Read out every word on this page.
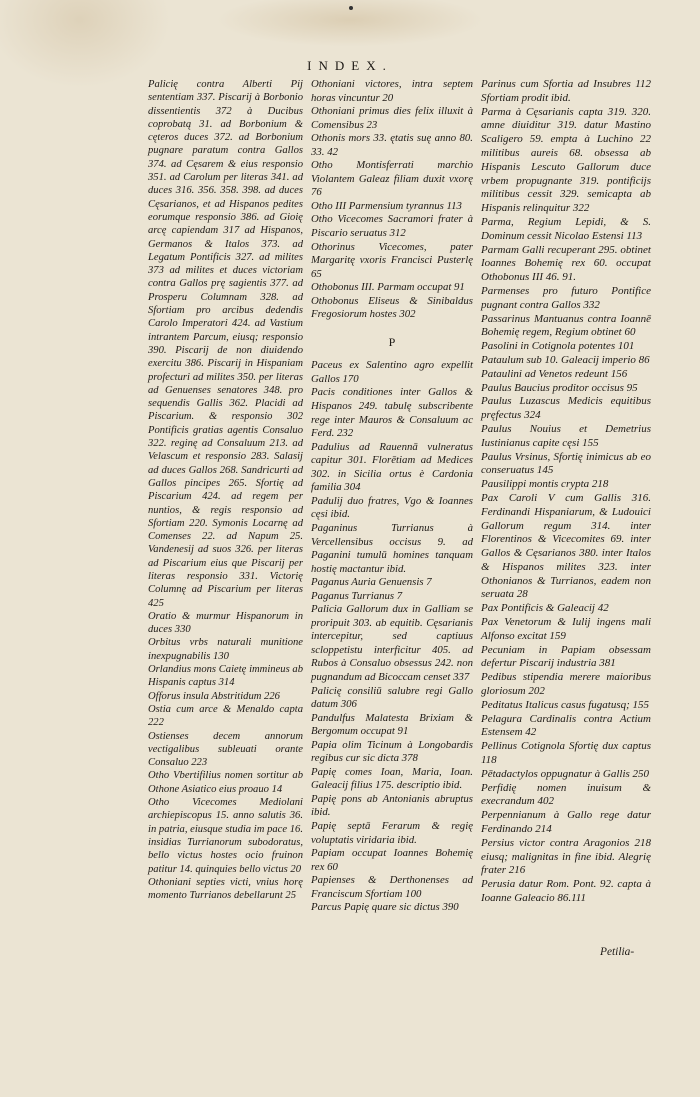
INDEX.

Palicię contra Alberti Pij sententiam 337. Piscarij à Borbonio dissentientis 372 à Ducibus coprobatą 31. ad Borbonium & cęteros duces 372. ad Borbonium pugnare paratum contra Gallos 374. ad Cęsarem & eius responsio 351. ad Carolum per literas 341. ad duces 316. 356. 358. 398. ad duces Cęsarianos, et ad Hispanos pedites eorumque responsio 386. ad Gioię arcę capiendam 317 ad Hispanos, Germanos & Italos 373. ad Legatum Pontificis 327. ad milites 373 ad milites et duces victoriam contra Gallos prę sagientis 377. ad Prosperu Columnam 328. ad Sfortiam pro arcibus dedendis Carolo Imperatori 424. ad Vastium intrantem Parcum, eiusq; responsio 390. Piscarij de non diuidendo exercitu 386. Piscarij in Hispaniam profecturi ad milites 350. per literas ad Genuenses senatores 348. pro sequendis Gallis 362. Placidi ad Piscarium. & responsio 302 Pontificis gratias agentis Consaluo 322. reginę ad Consaluum 213. ad Velascum et responsio 283. Salasij ad duces Gallos 268. Sandricurti ad Gallos pincipes 265. Sfortię ad Piscarium 424. ad regem per nuntios, & regis responsio ad Sfortiam 220. Symonis Locarnę ad Comenses 22. ad Napum 25. Vandenesij ad suos 326. per literas ad Piscarium eius que Piscarij per literas responsio 331. Victorię Columnę ad Piscarium per literas 425

Oratio & murmur Hispanorum in duces 330

Orbitus vrbs naturali munitione inexpugnabilis 130

Orlandius mons Caietę immineus ab Hispanis captus 314

Offorus insula Abstritidum 226

Ostia cum arce & Menaldo capta 222

Ostienses decem annorum vectigalibus subleuati orante Consaluo 223

Otho Vbertifilius nomen sortitur ab Othone Asiatico eius proauo 14

Otho Vicecomes Mediolani archiepiscopus 15. anno salutis 36. in patria, eiusque studia im pace 16. insidias Turrianorum subodoratus, bello victus hostes ocio fruinon patitur 14. quinquies bello victus 20

Othoniani septies victi, vnius horę momento Turrianos debellarunt 25

Othoniani victores, intra septem horas vincuntur 20

Othoniani primus dies felix illuxit à Comensibus 23

Othonis mors 33. ętatis suę anno 80. 33. 42

Otho Montisferrati marchio Violantem Galeaz filiam duxit vxorę 76

Otho III Parmensium tyrannus 113

Otho Vicecomes Sacramori frater à Piscario seruatus 312

Othorinus Vicecomes, pater Margaritę vxoris Francisci Pusterlę 65

Othobonus III. Parmam occupat 91

Othobonus Eliseus & Sinibaldus Fregosiorum hostes 302

P

Paceus ex Salentino agro expellit Gallos 170

Pacis conditiones inter Gallos & Hispanos 249. tabulę subscribente rege inter Mauros & Consaluum ac Ferd. 232

Padulius ad Rauennā vulneratus capitur 301. Florētiam ad Medices 302. in Sicilia ortus è Cardonia familia 304

Padulij duo fratres, Vgo & Ioannes cęsi ibid.

Paganinus Turrianus à Vercellensibus occisus 9. ad Paganini tumulū homines tanquam hostię mactantur ibid.

Paganus Auria Genuensis 7

Paganus Turrianus 7

Palicia Gallorum dux in Galliam se proripuit 303. ab equitib. Cęsarianis intercepitur, sed captiuus scloppetistu interficitur 405. ad Rubos à Consaluo obsessus 242. non pugnandum ad Bicoccam censet 337

Palicię consiliū salubre regi Gallo datum 306

Pandulfus Malatesta Brixiam & Bergomum occupat 91

Papia olim Ticinum à Longobardis regibus cur sic dicta 378

Papię comes Ioan, Maria, Ioan. Galeacij filius 175. descriptio ibid.

Papię pons ab Antonianis abruptus ibid.

Papię septā Ferarum & regię voluptatis viridaria ibid.

Papiam occupat Ioannes Bohemię rex 60

Papienses & Derthonenses ad Franciscum Sfortiam 100

Parcus Papię quare sic dictus 390

Parinus cum Sfortia ad Insubres 112 Sfortiam prodit ibid.

Parma à Cęsarianis capta 319. 320. amne diuiditur 319. datur Mastino Scaligero 59. empta à Luchino 22 militibus aureis 68. obsessa ab Hispanis Lescuto Gallorum duce vrbem propugnante 319. pontificijs militibus cessit 329. semicapta ab Hispanis relinquitur 322

Parma, Regium Lepidi, & S. Dominum cessit Nicolao Estensi 113

Parmam Galli recuperant 295. obtinet Ioannes Bohemię rex 60. occupat Othobonus III 46. 91.

Parmenses pro futuro Pontifice pugnant contra Gallos 332

Passarinus Mantuanus contra Ioannē Bohemię regem, Regium obtinet 60

Pasolini in Cotignola potentes 101

Pataulum sub 10. Galeacij imperio 86

Pataulini ad Venetos redeunt 156

Paulus Baucius proditor occisus 95

Paulus Luzascus Medicis equitibus pręfectus 324

Paulus Nouius et Demetrius Iustinianus capite cęsi 155

Paulus Vrsinus, Sfortię inimicus ab eo conseruatus 145

Pausilippi montis crypta 218

Pax Caroli V cum Gallis 316. Ferdinandi Hispaniarum, & Ludouici Gallorum regum 314. inter Florentinos & Vicecomites 69. inter Gallos & Cęsarianos 380. inter Italos & Hispanos milites 323. inter Othonianos & Turrianos, eadem non seruata 28

Pax Pontificis & Galeacij 42

Pax Venetorum & Iulij ingens mali Alfonso excitat 159

Pecuniam in Papiam obsessam defertur Piscarij industria 381

Pedibus stipendia merere maioribus gloriosum 202

Peditatus Italicus casus fugatusq; 155

Pelagura Cardinalis contra Actium Estensem 42

Pellinus Cotignola Sfortię dux captus 118

Pētadactylos oppugnatur à Gallis 250

Perfidię nomen inuisum & execrandum 402

Perpennianum à Gallo rege datur Ferdinando 214

Persius victor contra Aragonios 218 eiusq; malignitas in fine ibid. Alegrię frater 216

Perusia datur Rom. Pont. 92. capta à Ioanne Galeacio 86.111

Petilia-
